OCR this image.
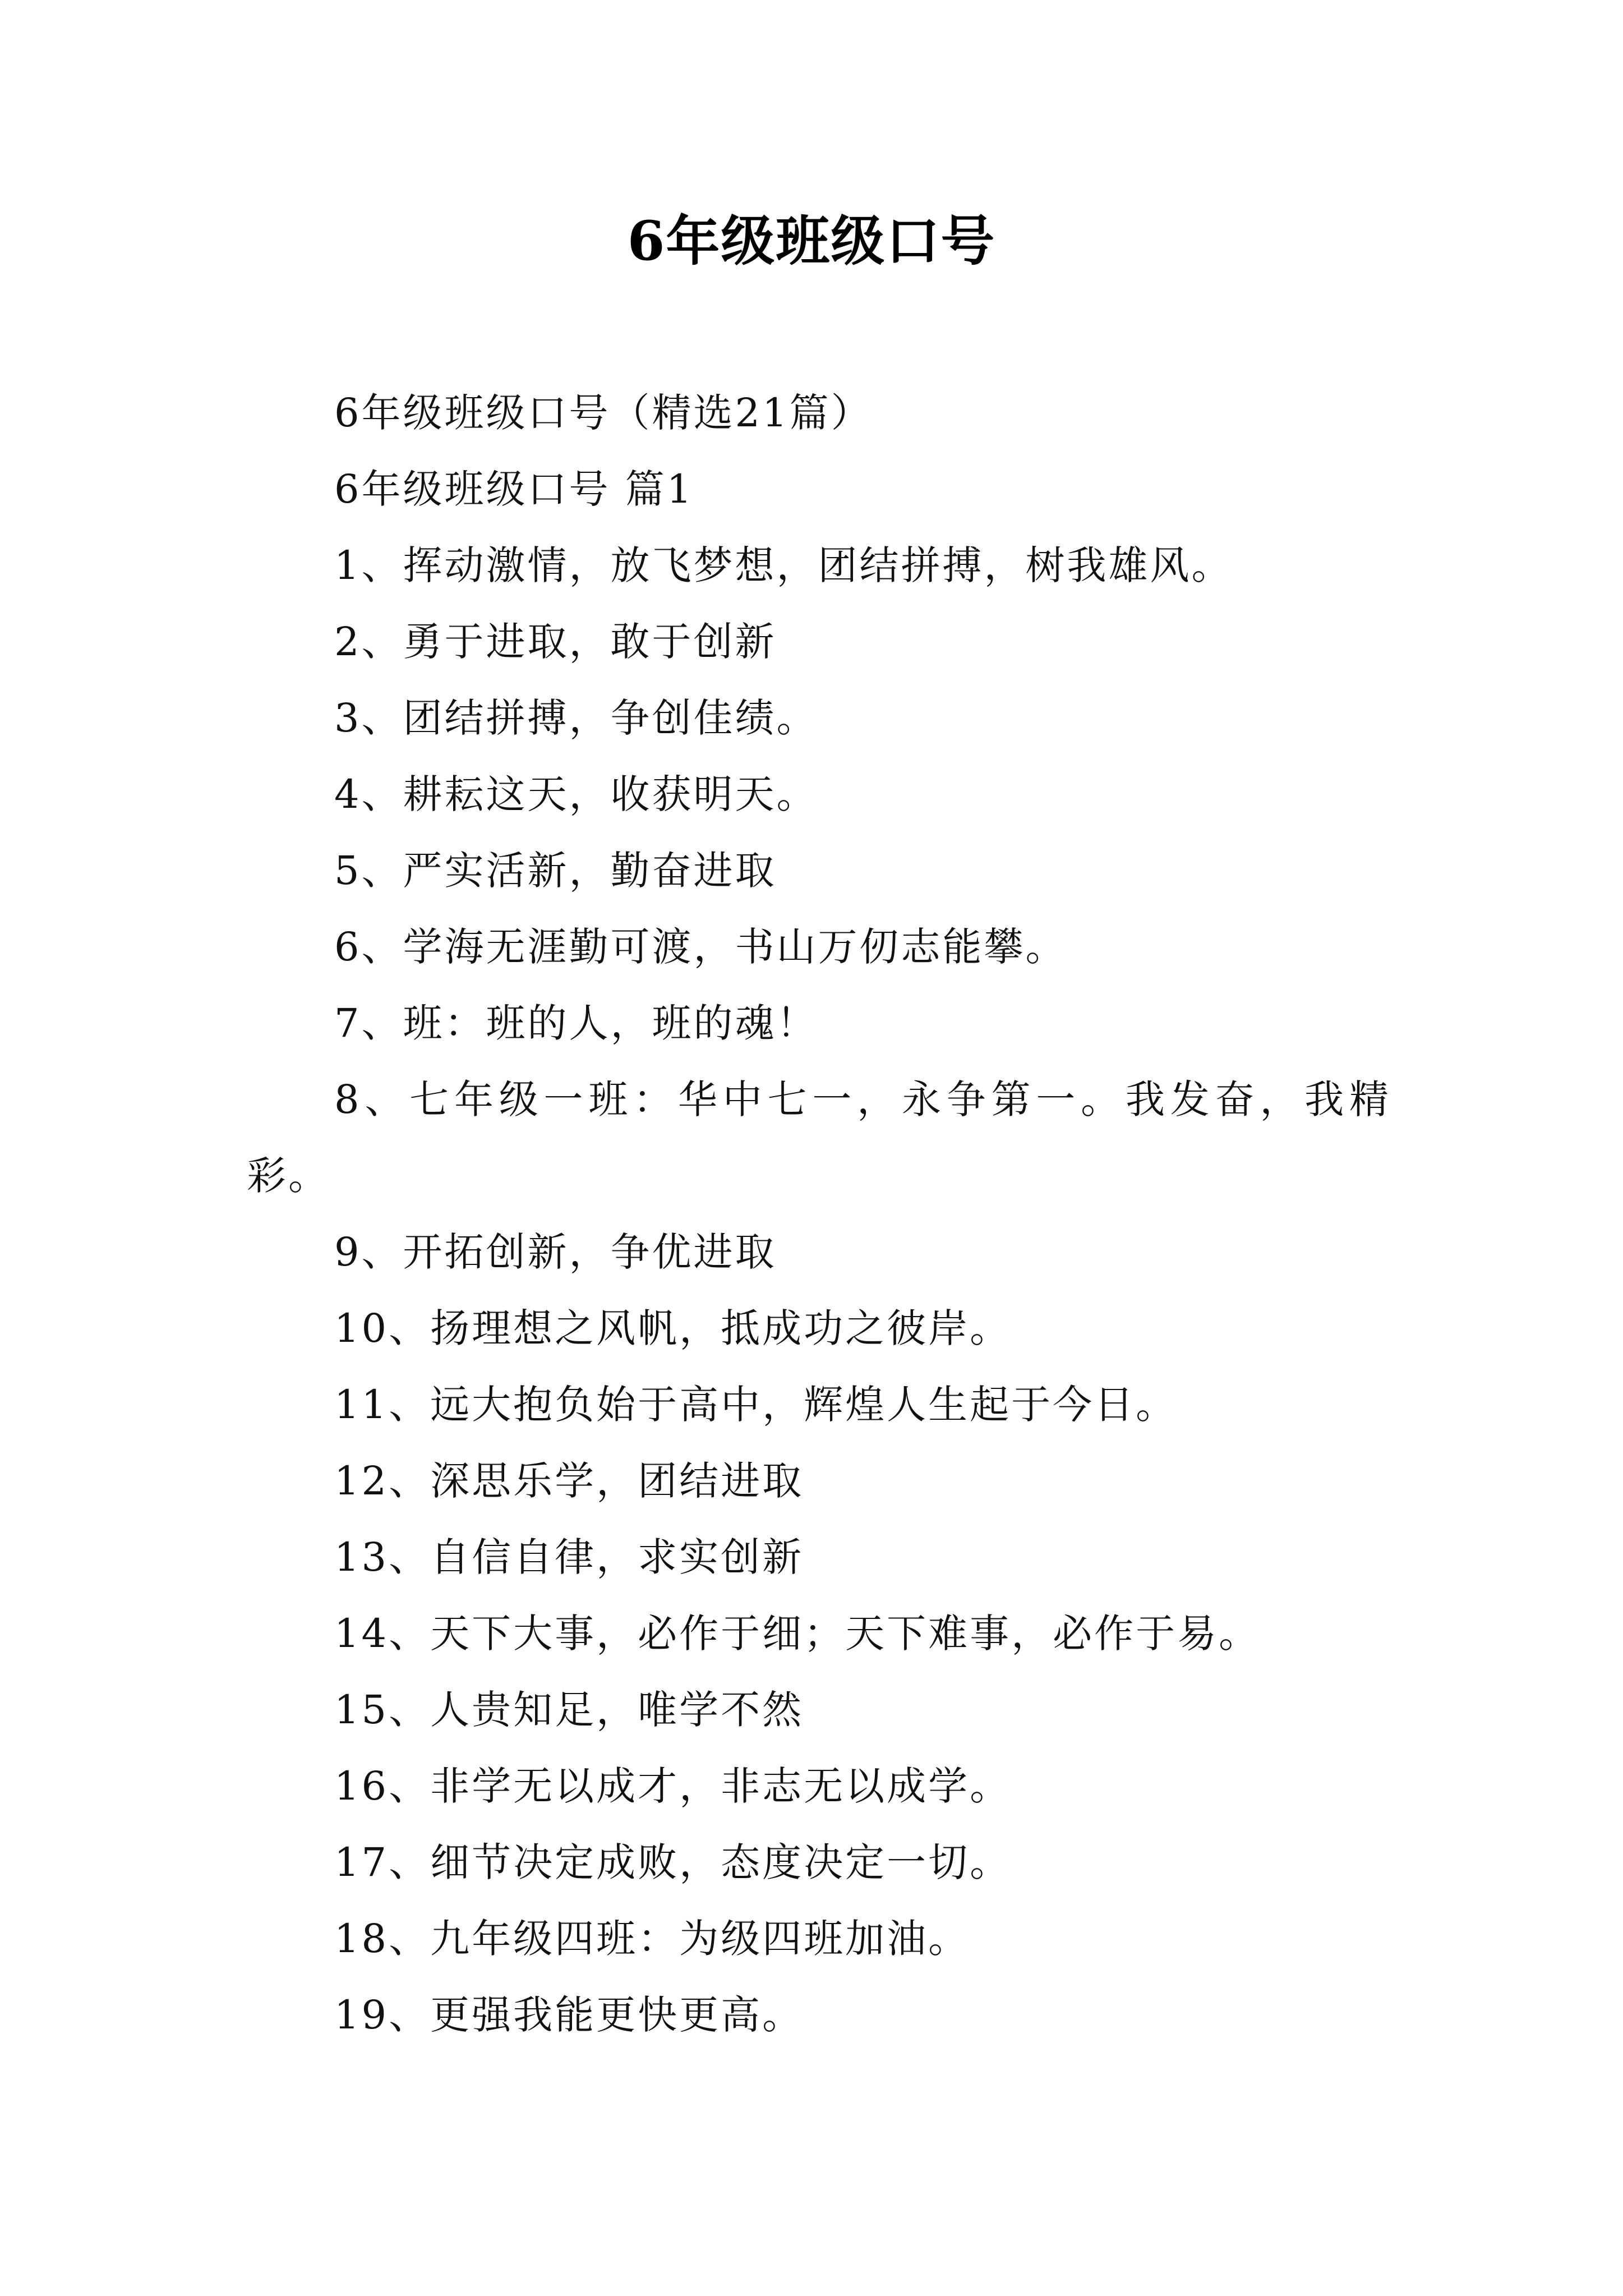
6年级班级口号

6年级班级口号（精选21篇）

6年级班级口号 篇1

1、挥动激情，放飞梦想，团结拼搏，树我雄风。

2、勇于进取，敢于创新

3、团结拼搏，争创佳绩。

4、耕耘这天，收获明天。

5、严实活新，勤奋进取

6、学海无涯勤可渡，书山万仞志能攀。

7、班：班的人，班的魂！

8、七年级一班：华中七一，永争第一。我发奋，我精彩。

9、开拓创新，争优进取

10、扬理想之风帆，抵成功之彼岸。

11、远大抱负始于高中，辉煌人生起于今日。

12、深思乐学，团结进取

13、自信自律，求实创新

14、天下大事，必作于细；天下难事，必作于易。

15、人贵知足，唯学不然

16、非学无以成才，非志无以成学。

17、细节决定成败，态度决定一切。

18、九年级四班：为级四班加油。

19、更强我能更快更高。
